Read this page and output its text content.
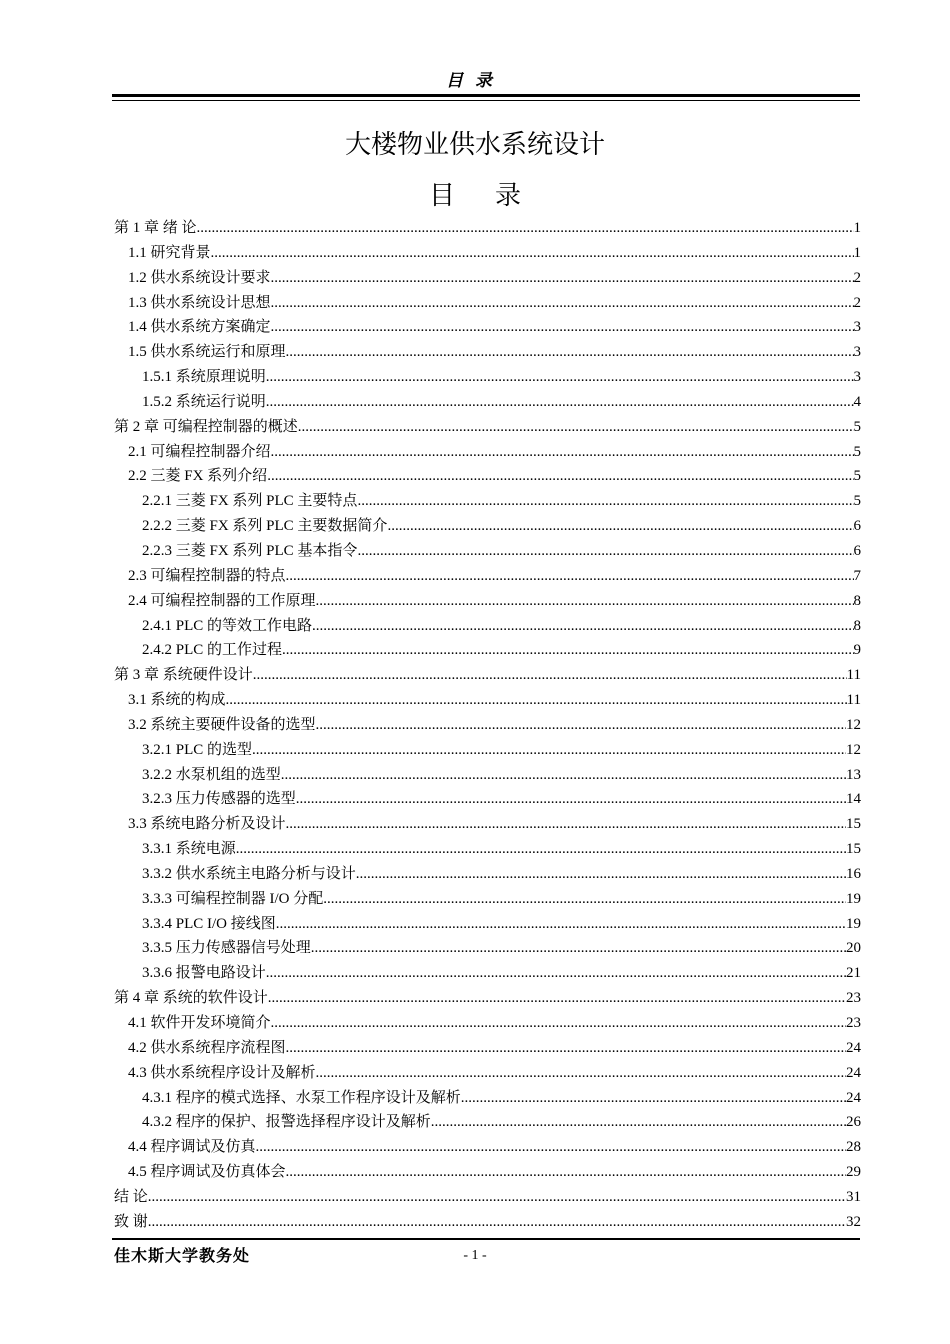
目录
大楼物业供水系统设计
目 录
第 1 章 绪 论 .....	1
1.1 研究背景 .....	1
1.2 供水系统设计要求 .....	2
1.3 供水系统设计思想 .....	2
1.4 供水系统方案确定 .....	3
1.5 供水系统运行和原理 .....	3
1.5.1 系统原理说明 .....	3
1.5.2 系统运行说明 .....	4
第 2 章 可编程控制器的概述 .....	5
2.1 可编程控制器介绍 .....	5
2.2 三菱 FX 系列介绍 .....	5
2.2.1 三菱 FX 系列 PLC 主要特点 .....	5
2.2.2 三菱 FX 系列 PLC 主要数据简介 .....	6
2.2.3 三菱 FX 系列 PLC 基本指令 .....	6
2.3 可编程控制器的特点 .....	7
2.4 可编程控制器的工作原理 .....	8
2.4.1 PLC 的等效工作电路 .....	8
2.4.2 PLC 的工作过程 .....	9
第 3 章 系统硬件设计 .....	11
3.1 系统的构成 .....	11
3.2 系统主要硬件设备的选型 .....	12
3.2.1 PLC 的选型 .....	12
3.2.2 水泵机组的选型 .....	13
3.2.3 压力传感器的选型 .....	14
3.3 系统电路分析及设计 .....	15
3.3.1 系统电源 .....	15
3.3.2 供水系统主电路分析与设计 .....	16
3.3.3 可编程控制器 I/O 分配 .....	19
3.3.4 PLC I/O 接线图 .....	19
3.3.5 压力传感器信号处理 .....	20
3.3.6 报警电路设计 .....	21
第 4 章 系统的软件设计 .....	23
4.1 软件开发环境简介 .....	23
4.2 供水系统程序流程图 .....	24
4.3 供水系统程序设计及解析 .....	24
4.3.1 程序的模式选择、水泵工作程序设计及解析 .....	24
4.3.2 程序的保护、报警选择程序设计及解析 .....	26
4.4 程序调试及仿真 .....	28
4.5 程序调试及仿真体会 .....	29
结 论 .....	31
致 谢 .....	32
佳木斯大学教务处	- 1 -
